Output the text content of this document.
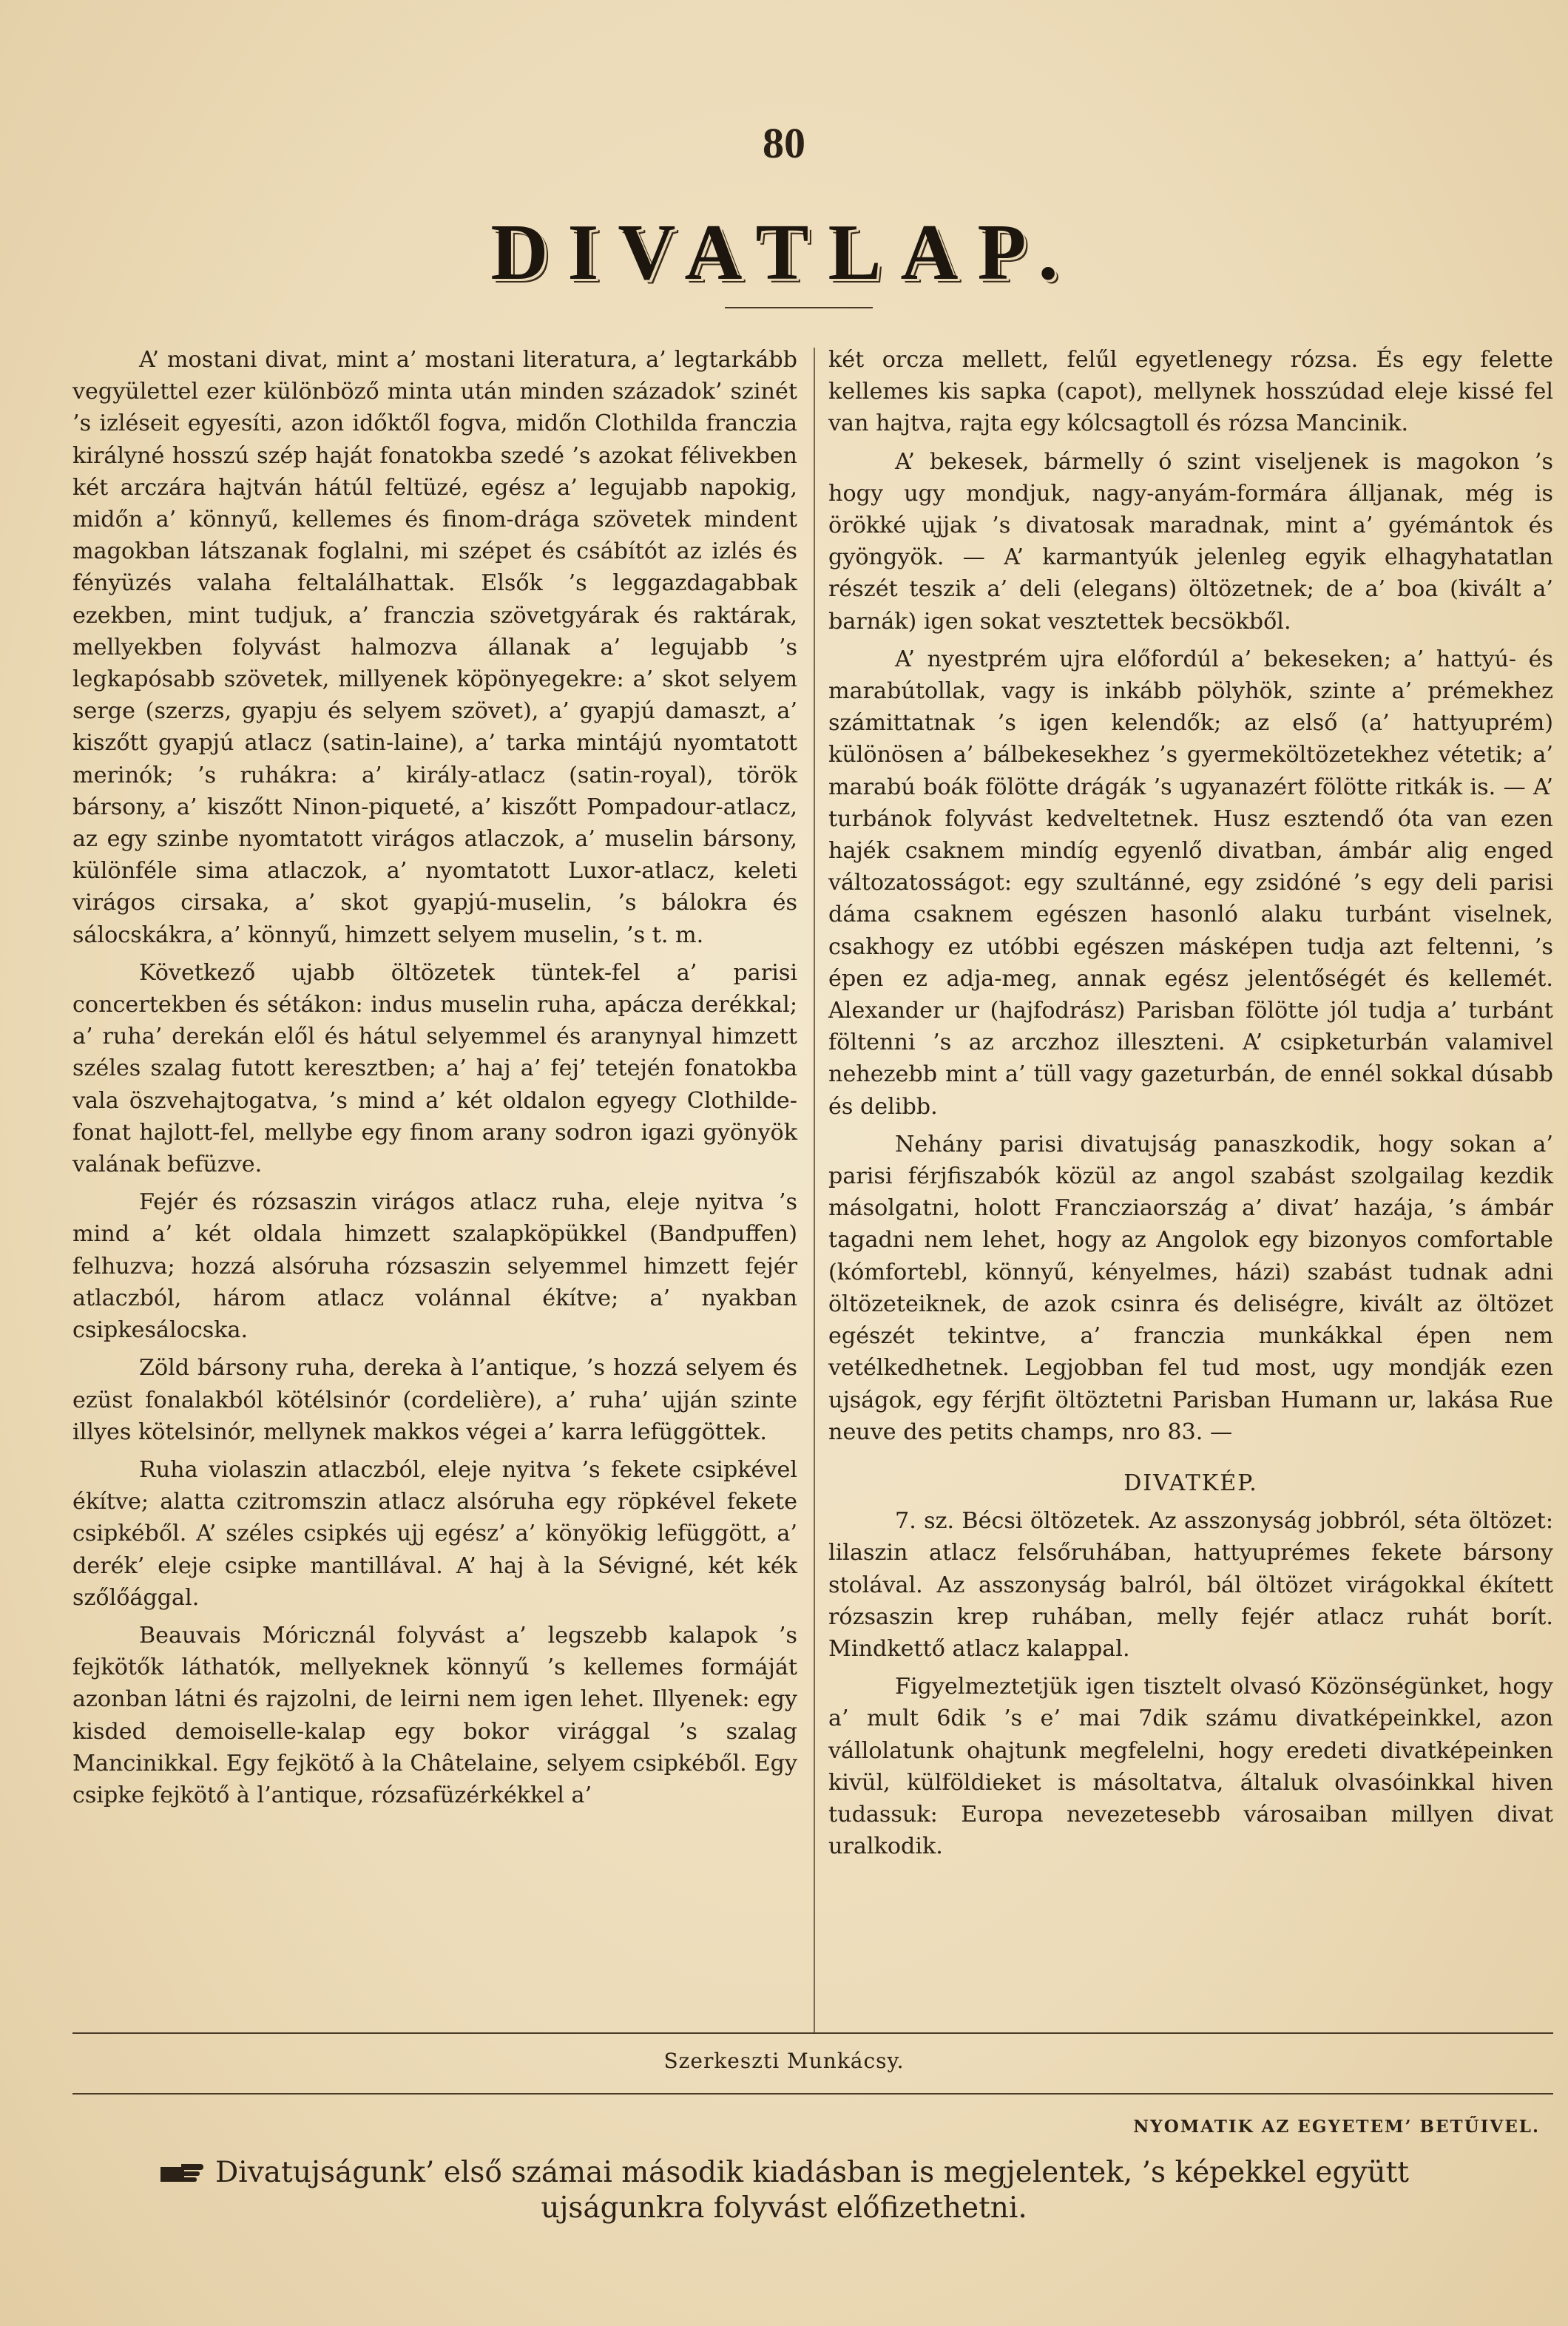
80
DIVATLAP.

A’ mostani divat, mint a’ mostani literatura, a’ legtarkább vegyülettel ezer különböző minta után minden századok’ szinét ’s izléseit egyesíti, azon időktől fogva, midőn Clothilda franczia királyné hosszú szép haját fonatokba szedé ’s azokat félivekben két arczára hajtván hátúl feltüzé, egész a’ legujabb napokig, midőn a’ könnyű, kellemes és finom-drága szövetek mindent magokban látszanak foglalni, mi szépet és csábítót az izlés és fényüzés valaha feltalálhattak. Elsők ’s leggazdagabbak ezekben, mint tudjuk, a’ franczia szövetgyárak és raktárak, mellyekben folyvást halmozva állanak a’ legujabb ’s legkapósabb szövetek, millyenek köpönyegekre: a’ skot selyem serge (szerzs, gyapju és selyem szövet), a’ gyapjú damaszt, a’ kiszőtt gyapjú atlacz (satin-laine), a’ tarka mintájú nyomtatott merinók; ’s ruhákra: a’ király-atlacz (satin-royal), török bársony, a’ kiszőtt Ninon-piqueté, a’ kiszőtt Pompadour-atlacz, az egy szinbe nyomtatott virágos atlaczok, a’ muselin bársony, különféle sima atlaczok, a’ nyomtatott Luxor-atlacz, keleti virágos cirsaka, a’ skot gyapjú-muselin, ’s bálokra és sálocskákra, a’ könnyű, himzett selyem muselin, ’s t. m.

Következő ujabb öltözetek tüntek-fel a’ parisi concertekben és sétákon: indus muselin ruha, apácza derékkal; a’ ruha’ derekán elől és hátul selyemmel és aranynyal himzett széles szalag futott keresztben; a’ haj a’ fej’ tetején fonatokba vala öszvehajtogatva, ’s mind a’ két oldalon egyegy Clothilde-fonat hajlott-fel, mellybe egy finom arany sodron igazi gyönyök valának befüzve.

Fejér és rózsaszin virágos atlacz ruha, eleje nyitva ’s mind a’ két oldala himzett szalapköpükkel (Bandpuffen) felhuzva; hozzá alsóruha rózsaszin selyemmel himzett fejér atlaczból, három atlacz volánnal ékítve; a’ nyakban csipkesálocska.

Zöld bársony ruha, dereka à l’antique, ’s hozzá selyem és ezüst fonalakból kötélsinór (cordelière), a’ ruha’ ujján szinte illyes kötelsinór, mellynek makkos végei a’ karra lefüggöttek.

Ruha violaszin atlaczból, eleje nyitva ’s fekete csipkével ékítve; alatta czitromszin atlacz alsóruha egy röpkével fekete csipkéből. A’ széles csipkés ujj egész’ a’ könyökig lefüggött, a’ derék’ eleje csipke mantillával. A’ haj à la Sévigné, két kék szőlőággal.

Beauvais Móricznál folyvást a’ legszebb kalapok ’s fejkötők láthatók, mellyeknek könnyű ’s kellemes formáját azonban látni és rajzolni, de leirni nem igen lehet. Illyenek: egy kisded demoiselle-kalap egy bokor virággal ’s szalag Mancinikkal. Egy fejkötő à la Châtelaine, selyem csipkéből. Egy csipke fejkötő à l’antique, rózsafüzérkékkel a’

két orcza mellett, felűl egyetlenegy rózsa. És egy felette kellemes kis sapka (capot), mellynek hosszúdad eleje kissé fel van hajtva, rajta egy kólcsagtoll és rózsa Mancinik.

A’ bekesek, bármelly ó szint viseljenek is magokon ’s hogy ugy mondjuk, nagy-anyám-formára álljanak, még is örökké ujjak ’s divatosak maradnak, mint a’ gyémántok és gyöngyök. — A’ karmantyúk jelenleg egyik elhagyhatatlan részét teszik a’ deli (elegans) öltözetnek; de a’ boa (kivált a’ barnák) igen sokat vesztettek becsökből.

A’ nyestprém ujra előfordúl a’ bekeseken; a’ hattyú- és marabútollak, vagy is inkább pölyhök, szinte a’ prémekhez számittatnak ’s igen kelendők; az első (a’ hattyuprém) különösen a’ bálbekesekhez ’s gyermeköltözetekhez vétetik; a’ marabú boák fölötte drágák ’s ugyanazért fölötte ritkák is. — A’ turbánok folyvást kedveltetnek. Husz esztendő óta van ezen hajék csaknem mindíg egyenlő divatban, ámbár alig enged változatosságot: egy szultánné, egy zsidóné ’s egy deli parisi dáma csaknem egészen hasonló alaku turbánt viselnek, csakhogy ez utóbbi egészen másképen tudja azt feltenni, ’s épen ez adja-meg, annak egész jelentőségét és kellemét. Alexander ur (hajfodrász) Parisban fölötte jól tudja a’ turbánt föltenni ’s az arczhoz illeszteni. A’ csipketurbán valamivel nehezebb mint a’ tüll vagy gazeturbán, de ennél sokkal dúsabb és delibb.

Nehány parisi divatujság panaszkodik, hogy sokan a’ parisi férjfiszabók közül az angol szabást szolgailag kezdik másolgatni, holott Francziaország a’ divat’ hazája, ’s ámbár tagadni nem lehet, hogy az Angolok egy bizonyos comfortable (kómfortebl, könnyű, kényelmes, házi) szabást tudnak adni öltözeteiknek, de azok csinra és deliségre, kivált az öltözet egészét tekintve, a’ franczia munkákkal épen nem vetélkedhetnek. Legjobban fel tud most, ugy mondják ezen ujságok, egy férjfit öltöztetni Parisban Humann ur, lakása Rue neuve des petits champs, nro 83. —

DIVATKÉP.

7. sz. Bécsi öltözetek. Az asszonyság jobbról, séta öltözet: lilaszin atlacz felsőruhában, hattyuprémes fekete bársony stolával. Az asszonyság balról, bál öltözet virágokkal ékített rózsaszin krep ruhában, melly fejér atlacz ruhát borít. Mindkettő atlacz kalappal.

Figyelmeztetjük igen tisztelt olvasó Közönségünket, hogy a’ mult 6dik ’s e’ mai 7dik számu divatképeinkkel, azon vállolatunk ohajtunk megfelelni, hogy eredeti divatképeinken kivül, külföldieket is másoltatva, általuk olvasóinkkal hiven tudassuk: Europa nevezetesebb városaiban millyen divat uralkodik.

Szerkeszti Munkácsy.
NYOMATIK AZ EGYETEM’ BETŰIVEL.
Divatujságunk’ első számai második kiadásban is megjelentek, ’s képekkel együtt
ujságunkra folyvást előfizethetni.
